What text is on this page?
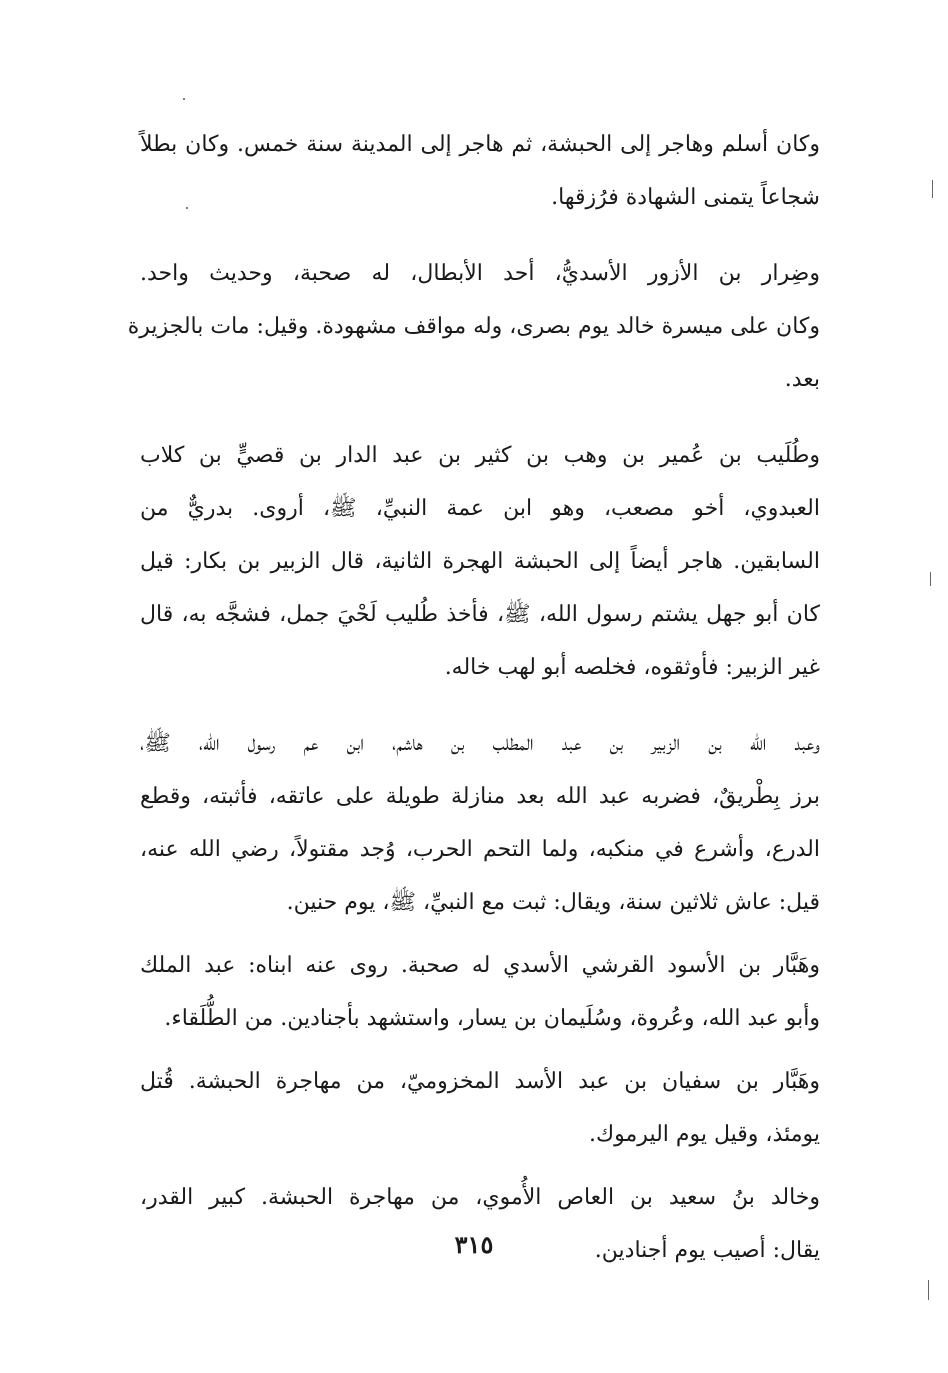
وكان أسلم وهاجر إلى الحبشة، ثم هاجر إلى المدينة سنة خمس. وكان بطلاً
شجاعاً يتمنى الشهادة فرُزقها.

وضِرار بن الأزور الأسديُّ، أحد الأبطال، له صحبة، وحديث واحد.
وكان على ميسرة خالد يوم بصرى، وله مواقف مشهودة. وقيل: مات بالجزيرة
بعد.

وطُلَيب بن عُمير بن وهب بن كثير بن عبد الدار بن قصيٍّ بن كلاب
العبدوي، أخو مصعب، وهو ابن عمة النبيِّ، ﷺ، أروى. بدريٌّ من
السابقين. هاجر أيضاً إلى الحبشة الهجرة الثانية، قال الزبير بن بكار: قيل
كان أبو جهل يشتم رسول الله، ﷺ، فأخذ طُليب لَحْيَ جمل، فشجَّه به، قال
غير الزبير: فأوثقوه، فخلصه أبو لهب خاله.

وعبد الله بن الزبير بن عبد المطلب بن هاشم، ابن عم رسول الله، ﷺ،
برز بِطْريقٌ، فضربه عبد الله بعد منازلة طويلة على عاتقه، فأثبته، وقطع
الدرع، وأشرع في منكبه، ولما التحم الحرب، وُجد مقتولاً، رضي الله عنه،
قيل: عاش ثلاثين سنة، ويقال: ثبت مع النبيِّ، ﷺ، يوم حنين.

وهَبَّار بن الأسود القرشي الأسدي له صحبة. روى عنه ابناه: عبد الملك
وأبو عبد الله، وعُروة، وسُلَيمان بن يسار، واستشهد بأجنادين. من الطُّلَقاء.

وهَبَّار بن سفيان بن عبد الأسد المخزوميّ، من مهاجرة الحبشة. قُتل
يومئذ، وقيل يوم اليرموك.

وخالد بنُ سعيد بن العاص الأُموي، من مهاجرة الحبشة. كبير القدر،
يقال: أصيب يوم أجنادين.

٣١٥
